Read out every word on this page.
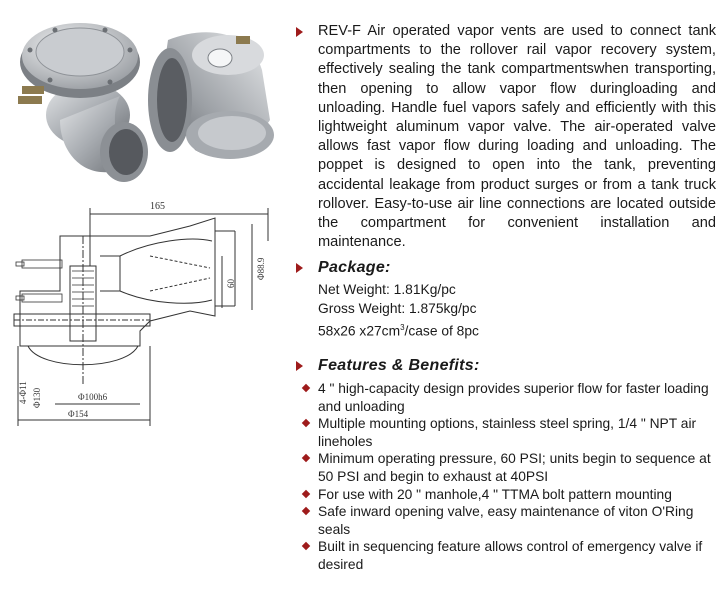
165
60
Φ88.9
4-Φ11 Φ130	Φ100h6
Φ154

REV-F Air operated vapor vents are used to connect tank compartments to the rollover rail vapor recovery system, effectively sealing the tank compartmentswhen transporting, then opening to allow vapor flow duringloading and unloading. Handle fuel vapors safely and efficiently with this lightweight aluminum vapor valve. The air-operated valve allows fast vapor flow during loading and unloading. The poppet is designed to open into the tank, preventing accidental leakage from product surges or from a tank truck rollover. Easy-to-use air line connections are located outside the compartment for convenient installation and maintenance.

Package:
Net Weight: 1.81Kg/pc
Gross Weight: 1.875kg/pc
58x26 $x27cm^3$/case of 8pc
Features & Benefits:
4 " high-capacity design provides superior flow for faster loading and unloading
Multiple mounting options, stainless steel spring, 1/4 " NPT air lineholes
Minimum operating pressure, 60 PSI; units begin to sequence at 50 PSI and begin to exhaust at 40PSI
For use with 20 " manhole,4 " TTMA bolt pattern mounting
Safe inward opening valve, easy maintenance of viton O'Ring seals
Built in sequencing feature allows control of emergency valve if desired
